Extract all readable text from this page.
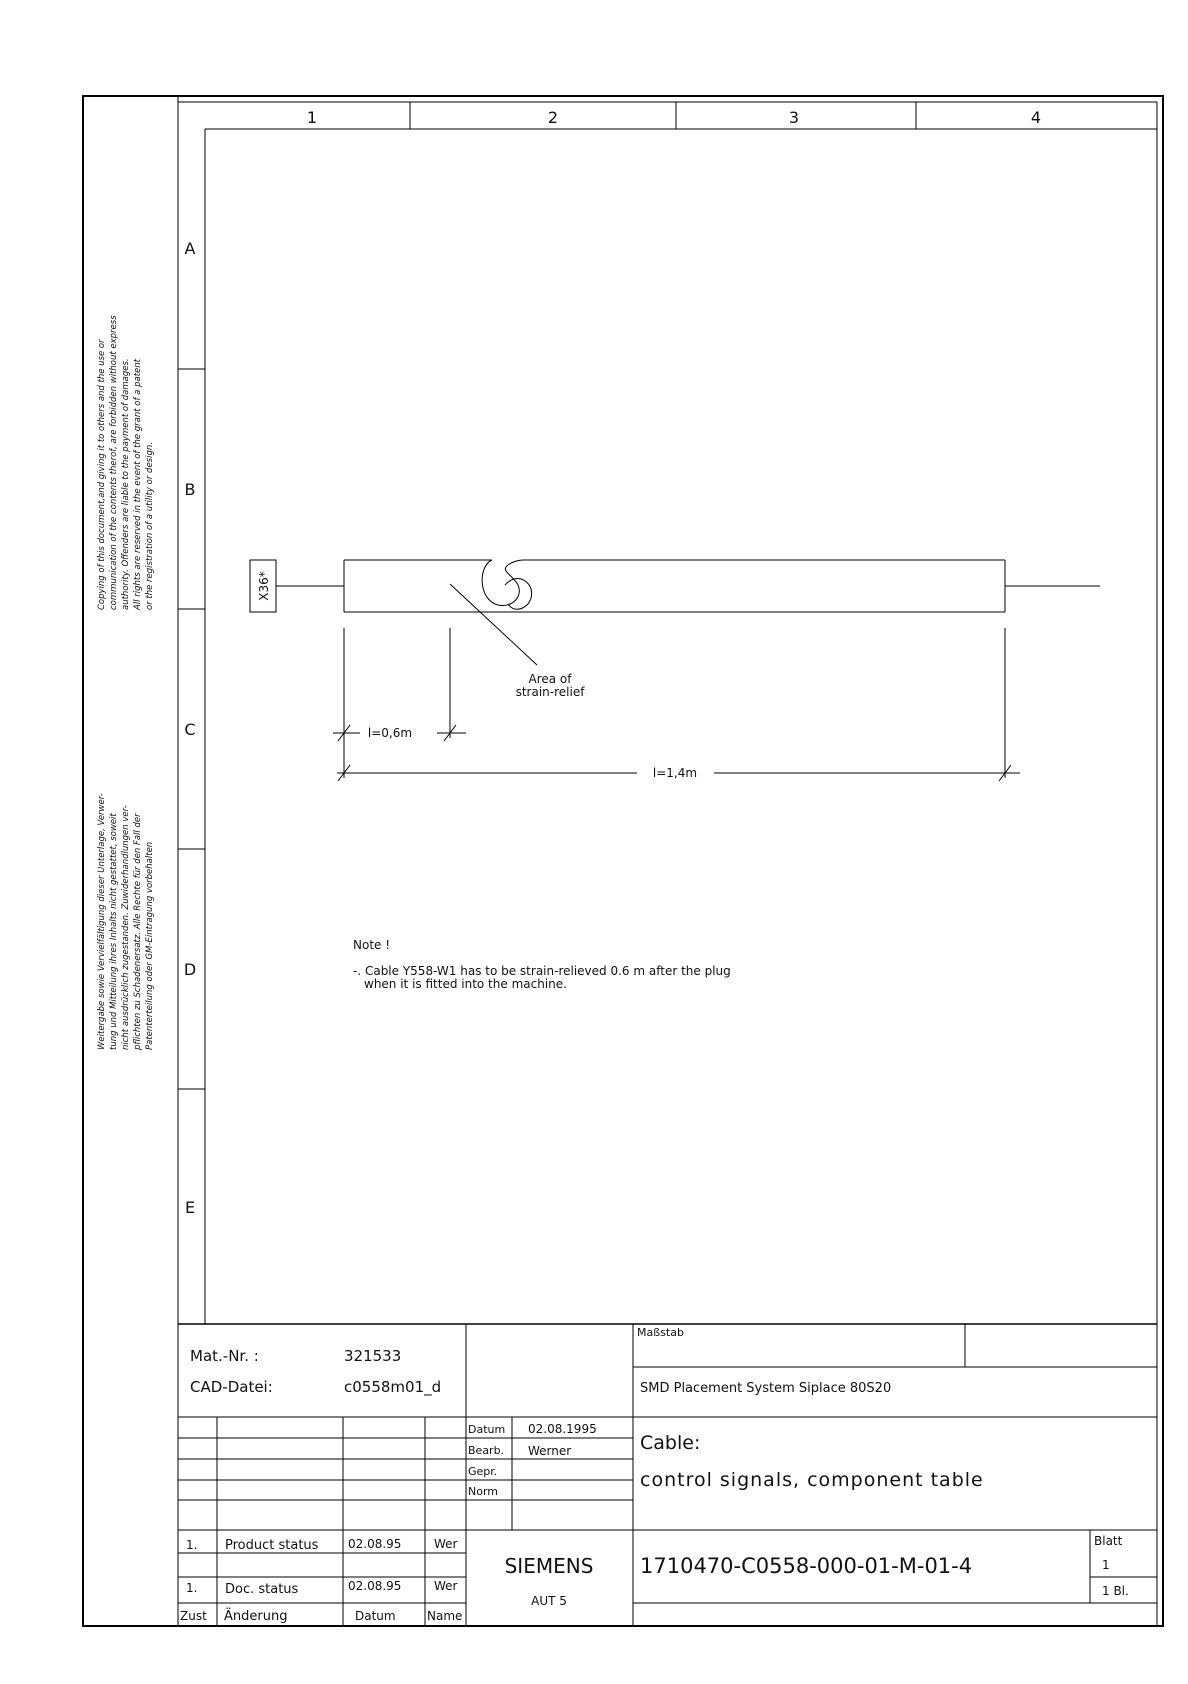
1	2	3	4
A
B
C
D
E
Copying of this document,and giving it to others and the use or communication of the contents therof, are forbidden without express authority. Offenders are liable to the payment of damages. All rights are reserved in the event of the grant of a patent or the registration of a utility or design.
Weitergabe sowie Vervielfältigung dieser Unterlage, Verwer- tung und Mitteilung ihres Inhalts nicht gestattet, soweit nicht ausdrücklich zugestanden. Zuwiderhandlungen ver- pflichten zu Schadenersatz. Alle Rechte für den Fall der Patenterteilung oder GM-Eintragung vorbehalten
X36*
Area of
strain-relief
l=0,6m
l=1,4m
Note !
-. Cable Y558-W1 has to be strain-relieved 0.6 m after the plug
when it is fitted into the machine.
Mat.-Nr. :	321533
CAD-Datei:	c0558m01_d
Maßstab
SMD Placement System Siplace 80S20
Datum 02.08.1995
Bearb. Werner
Gepr.
Norm
Cable:
control signals, component table
SIEMENS
AUT 5
1710470-C0558-000-01-M-01-4
Blatt
1
1 Bl.
1. Product status 02.08.95	Wer
1. Doc. status	02.08.95	Wer
Zust Änderung	Datum	Name
